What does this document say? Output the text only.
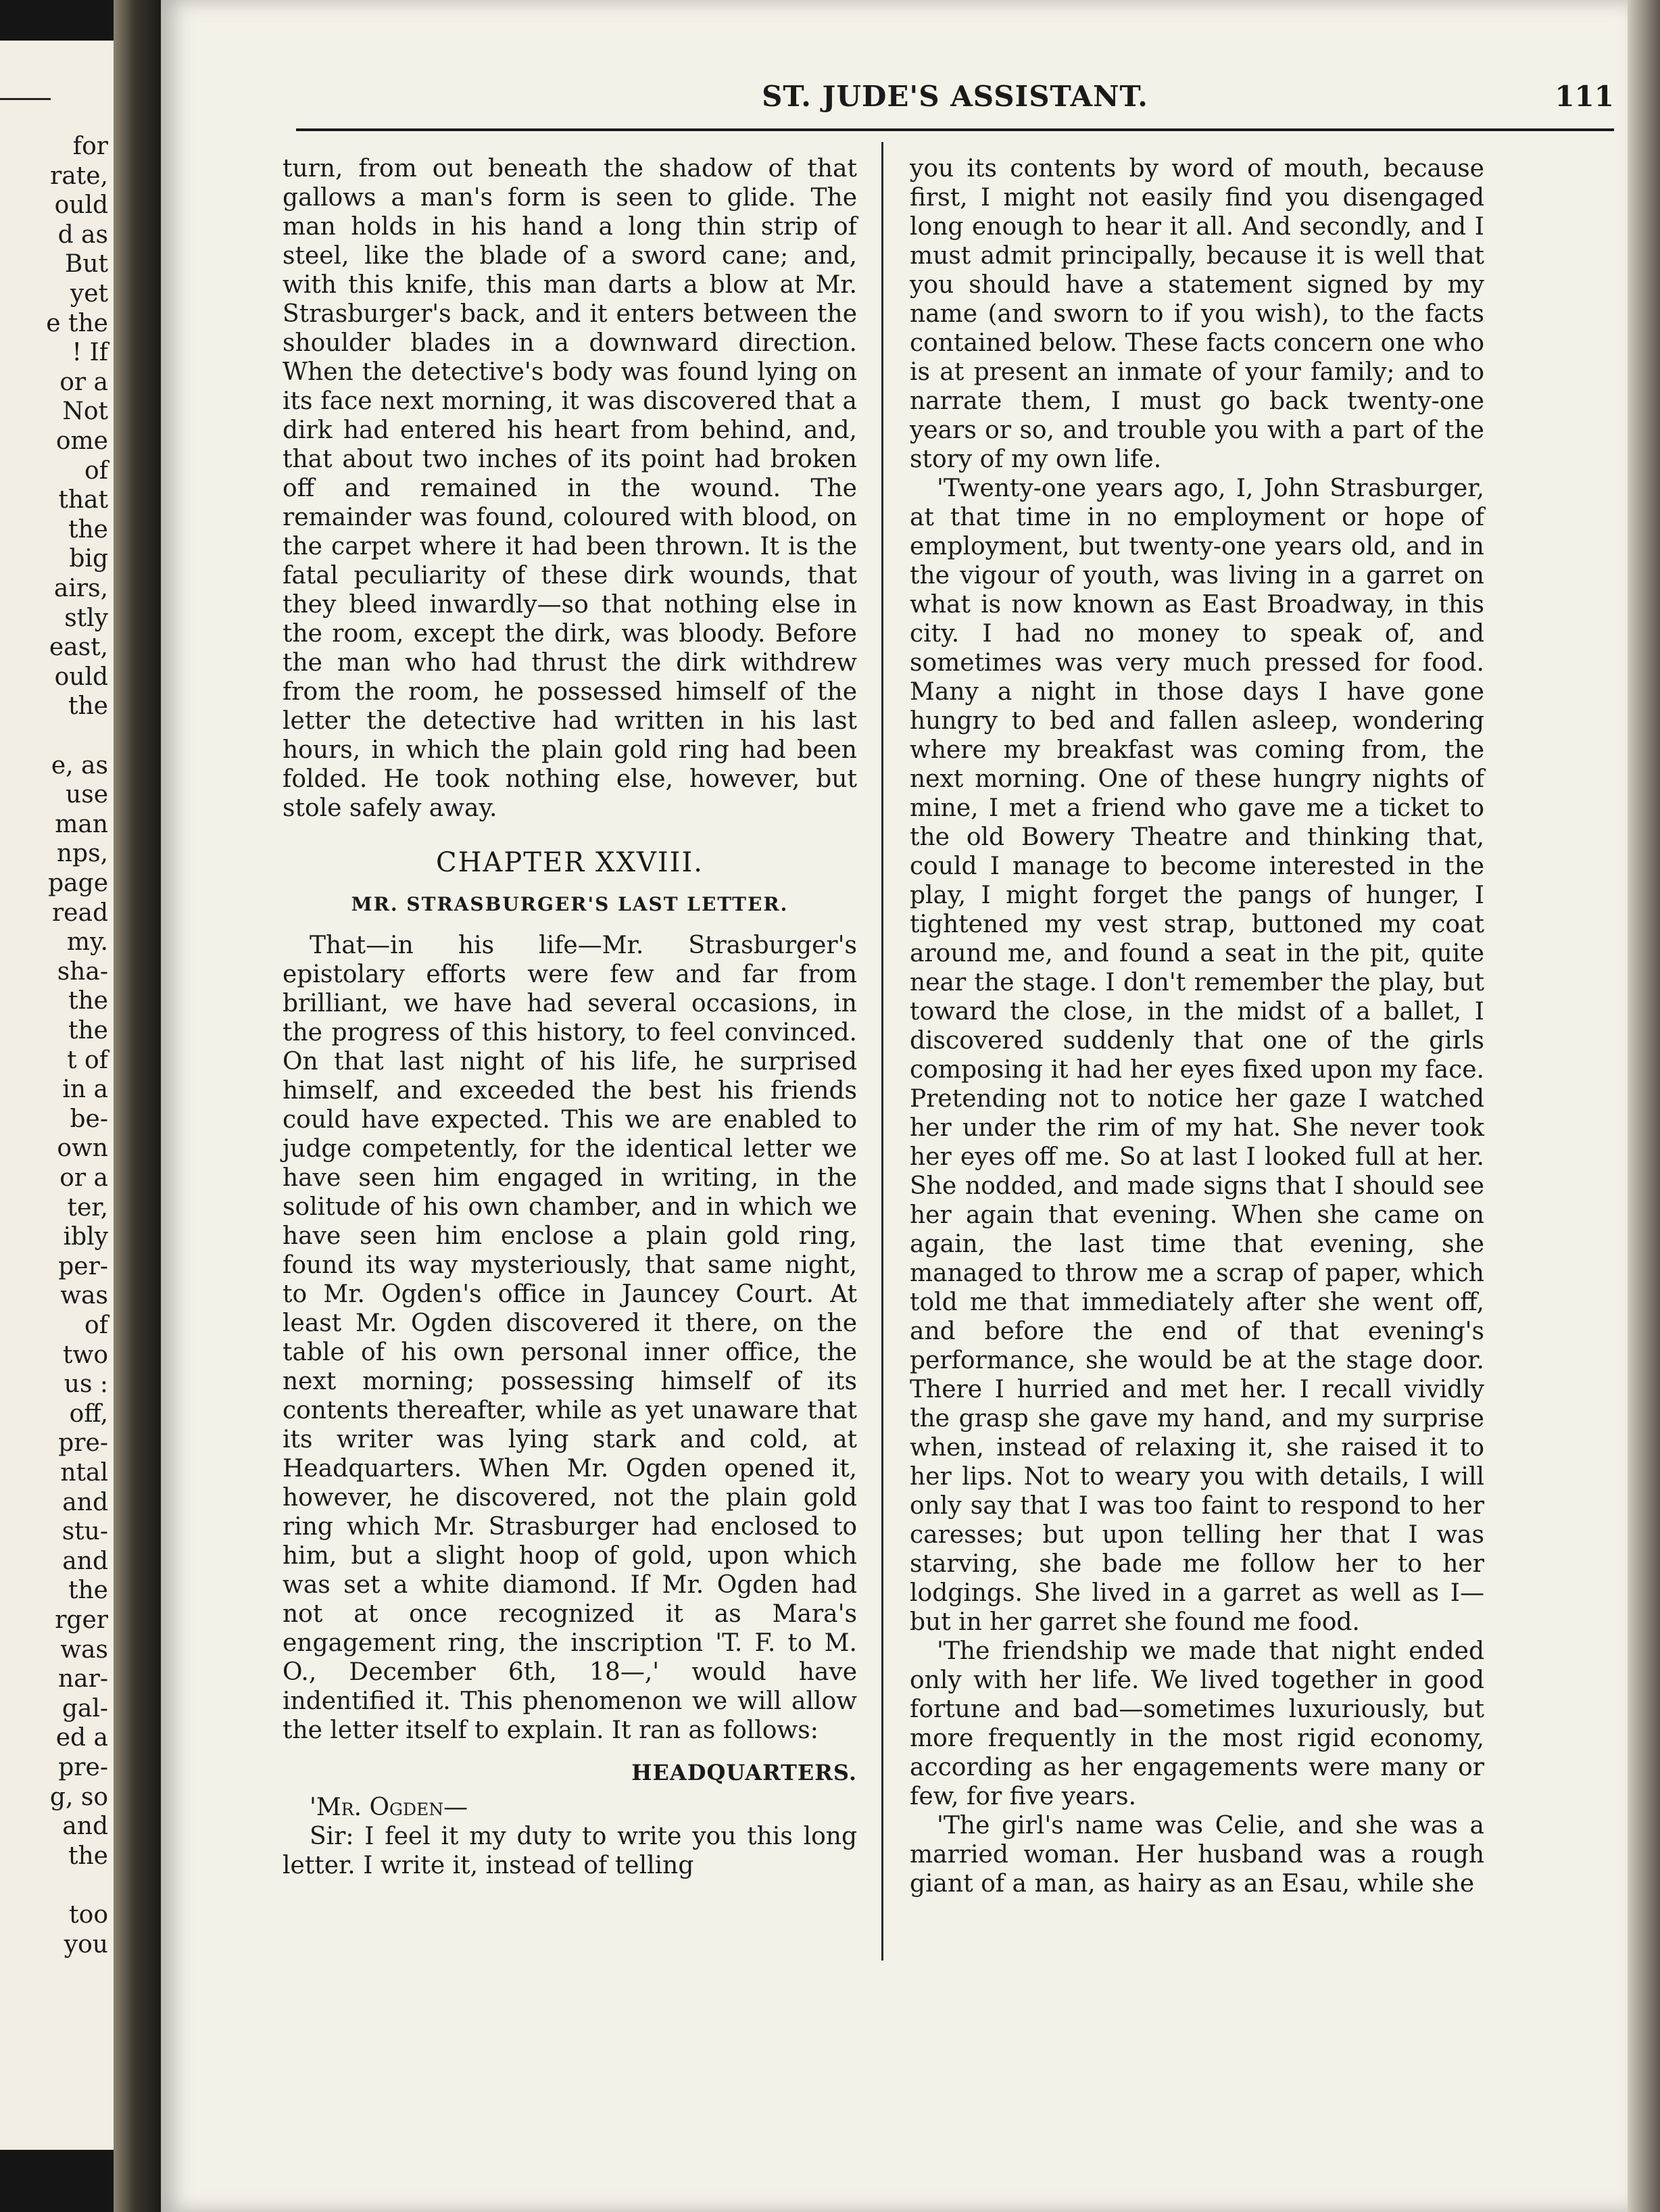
for
rate,
ould
d as
But
yet
e the
! If
or a
Not
ome
of
that
the
big
airs,
stly
east,
ould
the
e, as
use
man
nps,
page
read
my.
sha-
the
the
t of
in a
be-
own
or a
ter,
ibly
per-
was
of
two
us :
off,
pre-
ntal
and
stu-
and
the
rger
was
nar-
gal-
ed a
pre-
g, so
and
the
too
you
ST. JUDE'S ASSISTANT.	111

turn, from out beneath the shadow of that gallows a man's form is seen to glide. The man holds in his hand a long thin strip of steel, like the blade of a sword cane; and, with this knife, this man darts a blow at Mr. Strasburger's back, and it enters between the shoulder blades in a downward direction. When the detective's body was found lying on its face next morning, it was discovered that a dirk had entered his heart from behind, and, that about two inches of its point had broken off and remained in the wound. The remainder was found, coloured with blood, on the carpet where it had been thrown. It is the fatal peculiarity of these dirk wounds, that they bleed inwardly—so that nothing else in the room, except the dirk, was bloody. Before the man who had thrust the dirk withdrew from the room, he possessed himself of the letter the detective had written in his last hours, in which the plain gold ring had been folded. He took nothing else, however, but stole safely away.

CHAPTER XXVIII.

MR. STRASBURGER'S LAST LETTER.

That—in his life—Mr. Strasburger's epistolary efforts were few and far from brilliant, we have had several occasions, in the progress of this history, to feel convinced. On that last night of his life, he surprised himself, and exceeded the best his friends could have expected. This we are enabled to judge competently, for the identical letter we have seen him engaged in writing, in the solitude of his own chamber, and in which we have seen him enclose a plain gold ring, found its way mysteriously, that same night, to Mr. Ogden's office in Jauncey Court. At least Mr. Ogden discovered it there, on the table of his own personal inner office, the next morning; possessing himself of its contents thereafter, while as yet unaware that its writer was lying stark and cold, at Headquarters. When Mr. Ogden opened it, however, he discovered, not the plain gold ring which Mr. Strasburger had enclosed to him, but a slight hoop of gold, upon which was set a white diamond. If Mr. Ogden had not at once recognized it as Mara's engagement ring, the inscription 'T. F. to M. O., December 6th, 18—,' would have indentified it. This phenomenon we will allow the letter itself to explain. It ran as follows:

HEADQUARTERS.

'Mr. Ogden—

Sir: I feel it my duty to write you this long letter. I write it, instead of telling

you its contents by word of mouth, because first, I might not easily find you disengaged long enough to hear it all. And secondly, and I must admit principally, because it is well that you should have a statement signed by my name (and sworn to if you wish), to the facts contained below. These facts concern one who is at present an inmate of your family; and to narrate them, I must go back twenty-one years or so, and trouble you with a part of the story of my own life.

'Twenty-one years ago, I, John Strasburger, at that time in no employment or hope of employment, but twenty-one years old, and in the vigour of youth, was living in a garret on what is now known as East Broadway, in this city. I had no money to speak of, and sometimes was very much pressed for food. Many a night in those days I have gone hungry to bed and fallen asleep, wondering where my breakfast was coming from, the next morning. One of these hungry nights of mine, I met a friend who gave me a ticket to the old Bowery Theatre and thinking that, could I manage to become interested in the play, I might forget the pangs of hunger, I tightened my vest strap, buttoned my coat around me, and found a seat in the pit, quite near the stage. I don't remember the play, but toward the close, in the midst of a ballet, I discovered suddenly that one of the girls composing it had her eyes fixed upon my face. Pretending not to notice her gaze I watched her under the rim of my hat. She never took her eyes off me. So at last I looked full at her. She nodded, and made signs that I should see her again that evening. When she came on again, the last time that evening, she managed to throw me a scrap of paper, which told me that immediately after she went off, and before the end of that evening's performance, she would be at the stage door. There I hurried and met her. I recall vividly the grasp she gave my hand, and my surprise when, instead of relaxing it, she raised it to her lips. Not to weary you with details, I will only say that I was too faint to respond to her caresses; but upon telling her that I was starving, she bade me follow her to her lodgings. She lived in a garret as well as I—but in her garret she found me food.

'The friendship we made that night ended only with her life. We lived together in good fortune and bad—sometimes luxuriously, but more frequently in the most rigid economy, according as her engagements were many or few, for five years.

'The girl's name was Celie, and she was a married woman. Her husband was a rough giant of a man, as hairy as an Esau, while she
